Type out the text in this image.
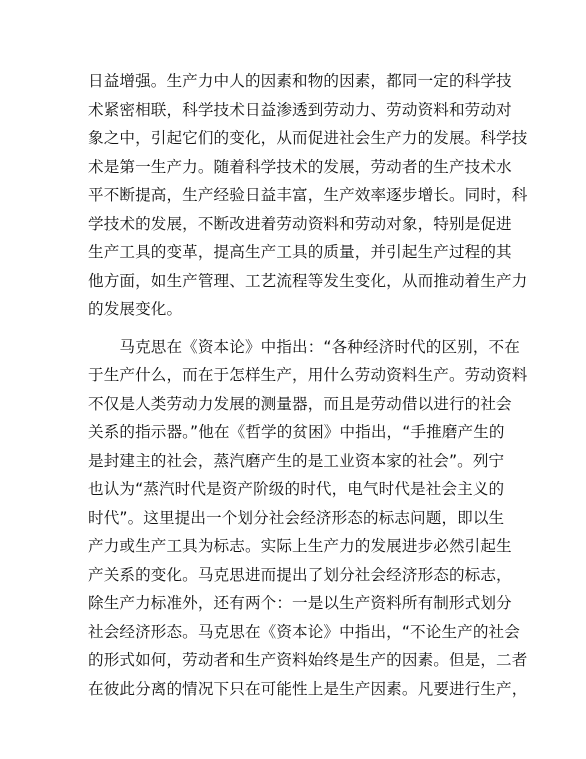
日益增强。生产力中人的因素和物的因素，都同一定的科学技
术紧密相联，科学技术日益渗透到劳动力、劳动资料和劳动对
象之中，引起它们的变化，从而促进社会生产力的发展。科学技
术是第一生产力。随着科学技术的发展，劳动者的生产技术水
平不断提高，生产经验日益丰富，生产效率逐步增长。同时，科
学技术的发展，不断改进着劳动资料和劳动对象，特别是促进
生产工具的变革，提高生产工具的质量，并引起生产过程的其
他方面，如生产管理、工艺流程等发生变化，从而推动着生产力
的发展变化。
　　马克思在《资本论》中指出：“各种经济时代的区别，不在
于生产什么，而在于怎样生产，用什么劳动资料生产。劳动资料
不仅是人类劳动力发展的测量器，而且是劳动借以进行的社会
关系的指示器。”他在《哲学的贫困》中指出，“手推磨产生的
是封建主的社会，蒸汽磨产生的是工业资本家的社会”。列宁
也认为“蒸汽时代是资产阶级的时代，电气时代是社会主义的
时代”。这里提出一个划分社会经济形态的标志问题，即以生
产力或生产工具为标志。实际上生产力的发展进步必然引起生
产关系的变化。马克思进而提出了划分社会经济形态的标志，
除生产力标准外，还有两个：一是以生产资料所有制形式划分
社会经济形态。马克思在《资本论》中指出，“不论生产的社会
的形式如何，劳动者和生产资料始终是生产的因素。但是，二者
在彼此分离的情况下只在可能性上是生产因素。凡要进行生产，
